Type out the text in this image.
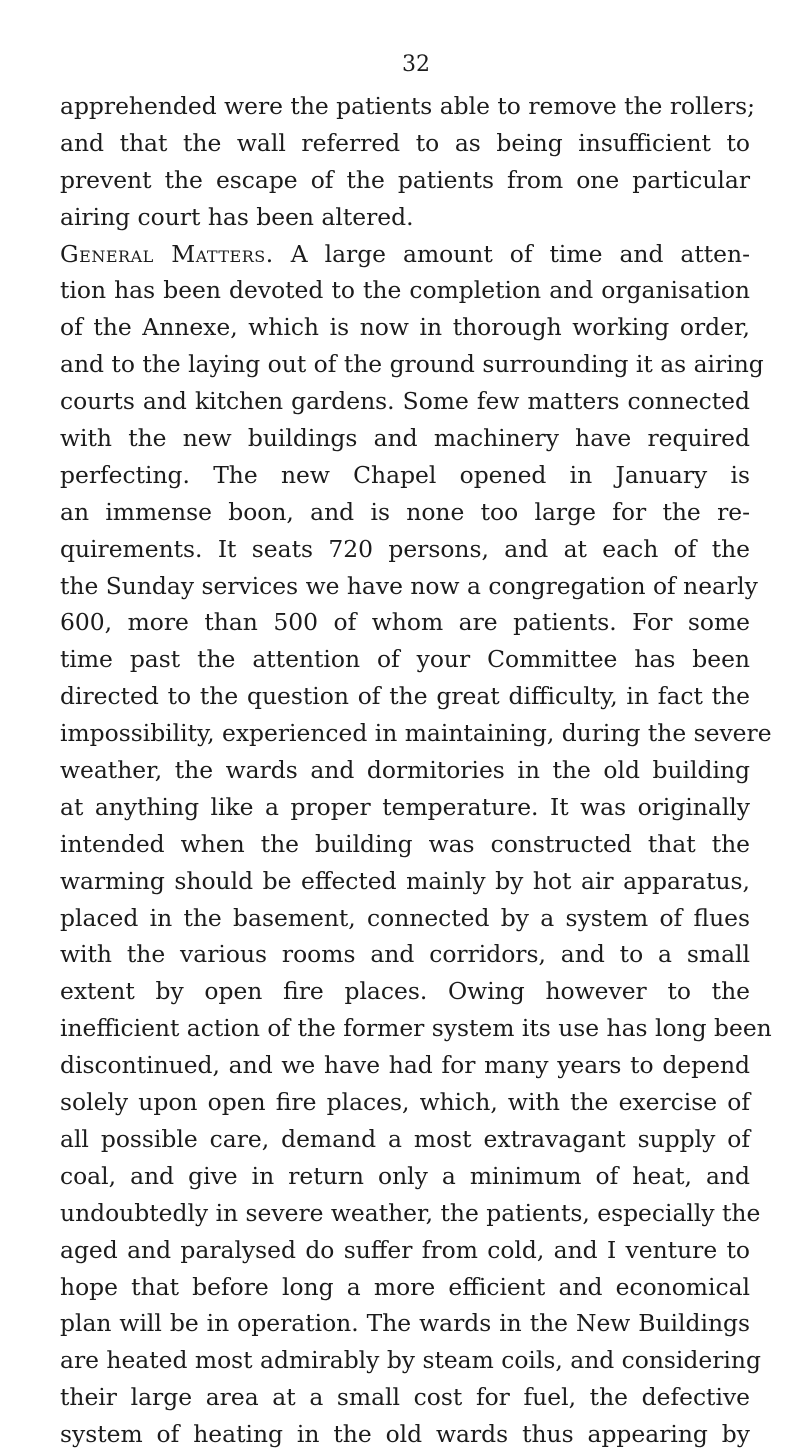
32
apprehended were the patients able to remove the rollers;
and that the wall referred to as being insufficient to
prevent the escape of the patients from one particular
airing court has been altered.
General Matters. A large amount of time and atten-
tion has been devoted to the completion and organisation
of the Annexe, which is now in thorough working order,
and to the laying out of the ground surrounding it as airing
courts and kitchen gardens. Some few matters connected
with the new buildings and machinery have required
perfecting. The new Chapel opened in January is
an immense boon, and is none too large for the re-
quirements. It seats 720 persons, and at each of the
the Sunday services we have now a congregation of nearly
600, more than 500 of whom are patients. For some
time past the attention of your Committee has been
directed to the question of the great difficulty, in fact the
impossibility, experienced in maintaining, during the severe
weather, the wards and dormitories in the old building
at anything like a proper temperature. It was originally
intended when the building was constructed that the
warming should be effected mainly by hot air apparatus,
placed in the basement, connected by a system of flues
with the various rooms and corridors, and to a small
extent by open fire places. Owing however to the
inefficient action of the former system its use has long been
discontinued, and we have had for many years to depend
solely upon open fire places, which, with the exercise of
all possible care, demand a most extravagant supply of
coal, and give in return only a minimum of heat, and
undoubtedly in severe weather, the patients, especially the
aged and paralysed do suffer from cold, and I venture to
hope that before long a more efficient and economical
plan will be in operation. The wards in the New Buildings
are heated most admirably by steam coils, and considering
their large area at a small cost for fuel, the defective
system of heating in the old wards thus appearing by
